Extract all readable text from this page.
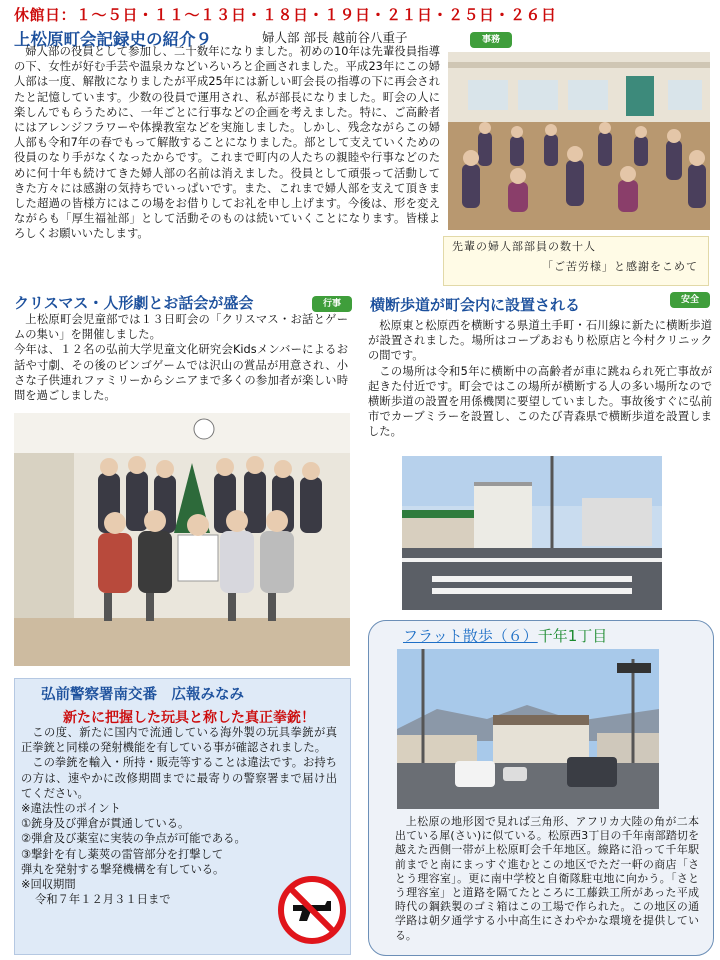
休館日：１～５日・１１～１３日・１８日・１９日・２１日・２５日・２６日
上松原町会記録史の紹介９	婦人部 部長 越前谷八重子	事務

婦人部の役員として参加し、二十数年になりました。初めの10年は先輩役員指導の下、女性が好む手芸や温泉カなどいろいろと企画されました。平成23年にこの婦人部は一度、解散になりましたが平成25年には新しい町会長の指導の下に再会されたと記憶しています。少数の役員で運用され、私が部長になりました。町会の人に楽しんでもらうために、一年ごとに行事などの企画を考えました。特に、ご高齢者にはアレンジフラワーや体操教室などを実施しました。しかし、残念ながらこの婦人部も令和7年の春でもって解散することになりました。部として支えていくための役員のなり手がなくなったからです。これまで町内の人たちの親睦や行事などのために何十年も続けてきた婦人部の名前は消えました。役員として頑張って活動してきた方々には感謝の気持ちでいっぱいです。また、これまで婦人部を支えて頂きました超過の皆様方にはこの場をお借りしてお礼を申し上げます。今後は、形を変えながらも「厚生福祉部」として活動そのものは続いていくことになります。皆様よろしくお願いいたします。

先輩の婦人部部員の数十人
「ご苦労様」と感謝をこめて
クリスマス・人形劇とお話会が盛会	行事

上松原町会児童部では１３日町会の「クリスマス・お話とゲームの集い」を開催しました。

今年は、１２名の弘前大学児童文化研究会Kidsメンバーによるお話や寸劇、その後のビンゴゲームでは沢山の賞品が用意され、小さな子供連れファミリーからシニアまで多くの参加者が楽しい時間を過ごしました。

横断歩道が町会内に設置される	安全

松原東と松原西を横断する県道土手町・石川線に新たに横断歩道が設置されました。場所はコープあおもり松原店と今村クリニックの間です。

この場所は令和5年に横断中の高齢者が車に跳ねられ死亡事故が起きた付近です。町会ではこの場所が横断する人の多い場所なので横断歩道の設置を用係機関に要望していました。事故後すぐに弘前市でカーブミラーを設置し、このたび青森県で横断歩道を設置しました。

弘前警察署南交番　広報みなみ
新たに把握した玩具と称した真正拳銃！

この度、新たに国内で流通している海外製の玩具拳銃が真正拳銃と同様の発射機能を有している事が確認されました。

この拳銃を輸入・所持・販売等することは違法です。お持ちの方は、速やかに改修期間までに最寄りの警察署まで届け出てください。

※違法性のポイント
①銃身及び弾倉が貫通している。
②弾倉及び薬室に実装の争点が可能である。
③撃針を有し薬莢の雷管部分を打撃して
弾丸を発射する撃発機構を有している。
※回収期間
令和７年１２月３１日まで
フラット散歩（６）千年1丁目

上松原の地形図で見れば三角形、アフリカ大陸の角が二本出ている犀(さい)に似ている。松原西3丁目の千年南部踏切を越えた西側一帯が上松原町会千年地区。線路に沿って千年駅前までと南にまっすぐ進むとこの地区でただ一軒の商店「さとう理容室」。更に南中学校と自衛隊駐屯地に向かう。「さとう理容室」と道路を隔てたところに工藤鉄工所があった平成時代の鋼鉄製のゴミ箱はこの工場で作られた。この地区の通学路は朝夕通学する小中高生にさわやかな環境を提供している。
